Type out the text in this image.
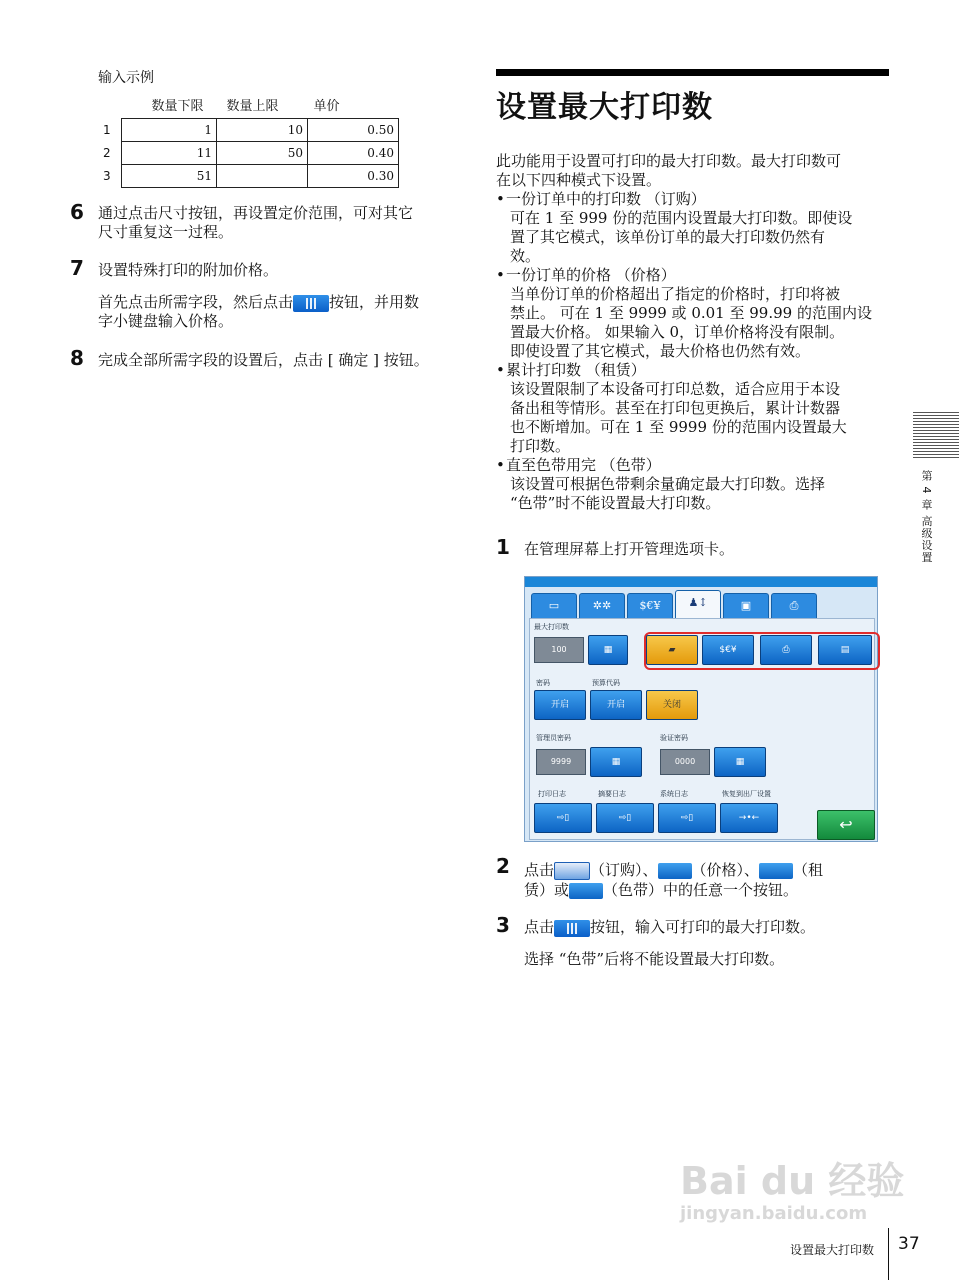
输入示例
	数量下限	数量上限	单价
1	1	10	0.50
2	11	50	0.40
3	51		0.30
6 通过点击尺寸按钮，再设置定价范围，可对其它
尺寸重复这一过程。
7 设置特殊打印的附加价格。
首先点击所需字段，然后点击 按钮，并用数
字小键盘输入价格。
8 完成全部所需字段的设置后，点击 [ 确定 ] 按钮。
设置最大打印数
此功能用于设置可打印的最大打印数。最大打印数可
在以下四种模式下设置。
•一份订单中的打印数 （订购）
可在 1 至 999 份的范围内设置最大打印数。即使设
置了其它模式，该单份订单的最大打印数仍然有
效。
•一份订单的价格 （价格）
当单份订单的价格超出了指定的价格时，打印将被
禁止。 可在 1 至 9999 或 0.01 至 99.99 的范围内设
置最大价格。 如果输入 0，订单价格将没有限制。
即使设置了其它模式，最大价格也仍然有效。
•累计打印数 （租赁）
该设置限制了本设备可打印总数，适合应用于本设
备出租等情形。甚至在打印包更换后，累计计数器
也不断增加。可在 1 至 9999 份的范围内设置最大
打印数。
•直至色带用完 （色带）
该设置可根据色带剩余量确定最大打印数。选择
“色带”时不能设置最大打印数。
1 在管理屏幕上打开管理选项卡。
▭	✲✲	$€¥	♟↕	▣	⎙
最大打印数
100	▦	▰	$€¥	⎙	▤
密码	预算代码
开启	开启	关闭
管理员密码
9999	▦
验证密码
0000	▦
打印日志	摘要日志	系统日志	恢复到出厂设置
⇨▯	⇨▯	⇨▯	→•←	↩
2 点击 （订购）、 （价格）、 （租
赁）或 （色带）中的任意一个按钮。
3 点击 按钮，输入可打印的最大打印数。
选择 “色带”后将不能设置最大打印数。
第 4 章 高级设置
Bai du 经验
jingyan.baidu.com
设置最大打印数 37
